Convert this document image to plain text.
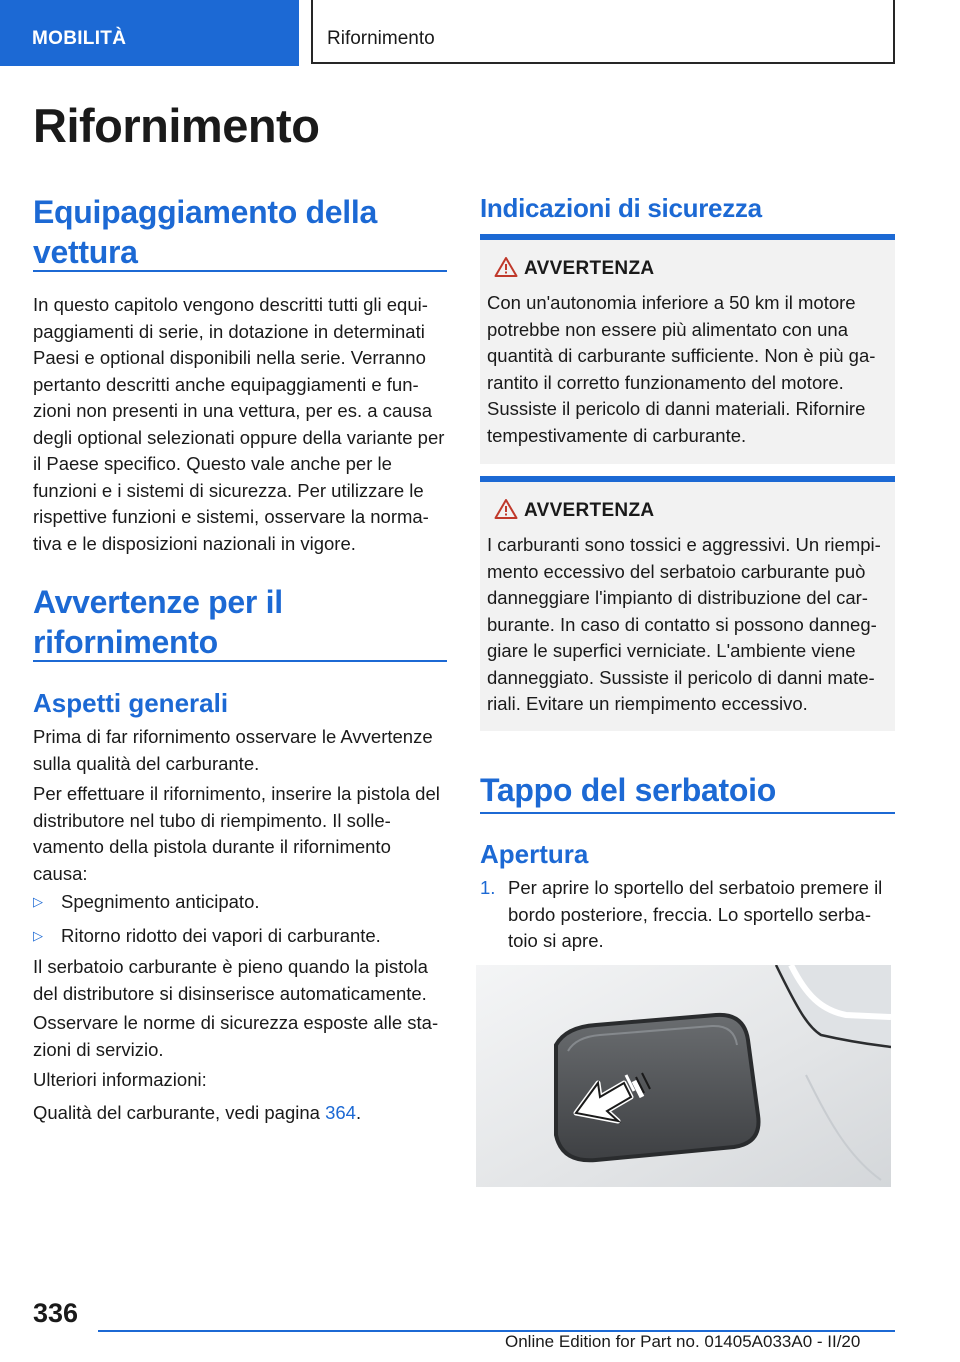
MOBILITÀ	Rifornimento
Rifornimento
Equipaggiamento della vettura

In questo capitolo vengono descritti tutti gli equi-paggiamenti di serie, in dotazione in determinati Paesi e optional disponibili nella serie. Verranno pertanto descritti anche equipaggiamenti e fun-zioni non presenti in una vettura, per es. a causa degli optional selezionati oppure della variante per il Paese specifico. Questo vale anche per le funzioni e i sistemi di sicurezza. Per utilizzare le rispettive funzioni e sistemi, osservare la norma-tiva e le disposizioni nazionali in vigore.

Avvertenze per il rifornimento
Aspetti generali

Prima di far rifornimento osservare le Avvertenze sulla qualità del carburante.

Per effettuare il rifornimento, inserire la pistola del distributore nel tubo di riempimento. Il solle-vamento della pistola durante il rifornimento causa:

▷ Spegnimento anticipato.
▷ Ritorno ridotto dei vapori di carburante.

Il serbatoio carburante è pieno quando la pistola del distributore si disinserisce automaticamente.

Osservare le norme di sicurezza esposte alle sta-zioni di servizio.

Ulteriori informazioni:

Qualità del carburante, vedi pagina 364.

Indicazioni di sicurezza
AVVERTENZA

Con un'autonomia inferiore a 50 km il motore potrebbe non essere più alimentato con una quantità di carburante sufficiente. Non è più ga-rantito il corretto funzionamento del motore. Sussiste il pericolo di danni materiali. Rifornire tempestivamente di carburante.

AVVERTENZA

I carburanti sono tossici e aggressivi. Un riempi-mento eccessivo del serbatoio carburante può danneggiare l'impianto di distribuzione del car-burante. In caso di contatto si possono danneg-giare le superfici verniciate. L'ambiente viene danneggiato. Sussiste il pericolo di danni mate-riali. Evitare un riempimento eccessivo.

Tappo del serbatoio
Apertura
1. Per aprire lo sportello del serbatoio premere il bordo posteriore, freccia. Lo sportello serba-toio si apre.
336
Online Edition for Part no. 01405A033A0 - II/20
